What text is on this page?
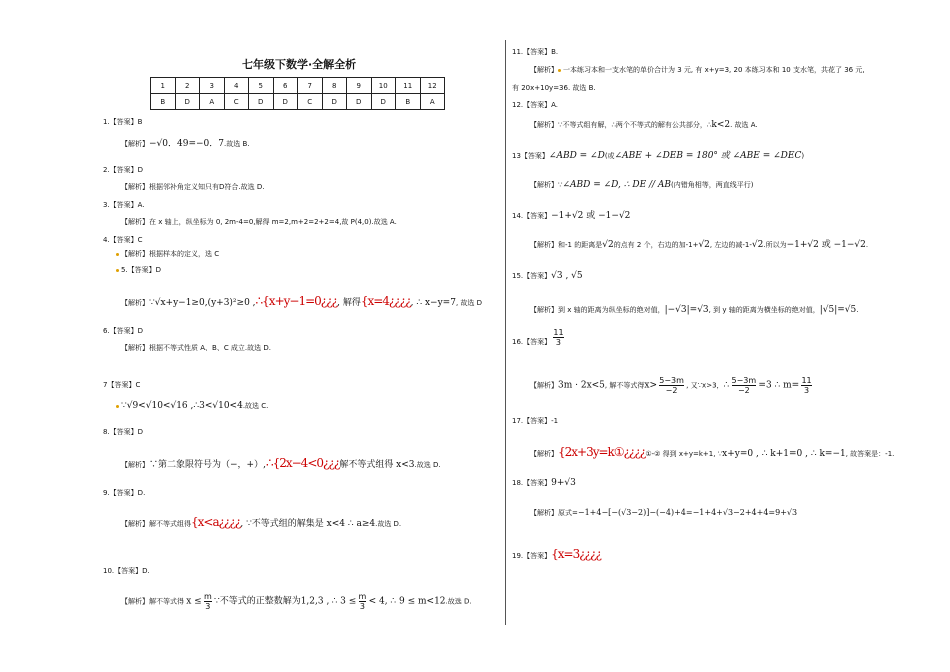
七年级下数学·全解全析
1	2	3	4	5	6	7	8	9	10	11	12
B	D	A	C	D	D	C	D	D	D	B	A
1.【答案】B
【解析】−√0．49=−0．7.故选 B.
2.【答案】D
【解析】根据邻补角定义知只有D符合.故选 D.
3.【答案】A.
【解析】在 x 轴上，纵坐标为 0, 2m-4=0,解得 m=2,m+2=2+2=4,故 P(4,0).故选 A.
4.【答案】C
【解析】根据样本的定义，选 C
5.【答案】D
【解析】∵√x+y−1≥0,(y+3)²≥0 ,∴{x+y−1=0¿¿¿, 解得{x=4¿¿¿¿, ∴ x−y=7, 故选 D
6.【答案】D
【解析】根据不等式性质 A、B、C 成立.故选 D.
7【答案】C
∵√9<√10<√16 ,∴3<√10<4.故选 C.
8.【答案】D
【解析】∵第二象限符号为（−，+）,∴{2x−4<0¿¿¿解不等式组得 x<3.故选 D.
9.【答案】D.
【解析】解不等式组得{x<a¿¿¿¿, ∵不等式组的解集是 x<4 ∴ a≥4.故选 D.
10.【答案】D.
【解析】解不等式得 $x \le \frac{m}{3}$ ∵不等式的正整数解为1,2,3 , ∴ $3 \le \frac{m}{3} < 4$, ∴ 9 ≤ m<12.故选 D.
11.【答案】B.
【解析】 一本练习本和一支水笔的单价合计为 3 元, 有 x+y=3, 20 本练习本和 10 支水笔，共花了 36 元,
有 20x+10y=36. 故选 B.
12.【答案】A.
【解析】∵不等式组有解，∴两个不等式的解有公共部分，∴k<2. 故选 A.
13【答案】∠ABD = ∠D(或∠ABE + ∠DEB = 180° 或 ∠ABE = ∠DEC)
【解析】∵∠ABD = ∠D, ∴ DE // AB(内错角相等，两直线平行)
14.【答案】−1+√2 或 −1−√2
【解析】和-1 的距离是√2的点有 2 个，右边的加-1+√2, 左边的减-1-√2.所以为−1+√2 或 −1−√2.
15.【答案】√3 , √5
【解析】到 x 轴的距离为纵坐标的绝对值，|−√3|=√3, 到 y 轴的距离为横坐标的绝对值，|√5|=√5.
16.【答案】 $\frac{11}{3}$
【解析】3m · 2x<5, 解不等式得$x> \frac{5-3m}{-2}$ , 又∵x>3，∴ $\frac{5-3m}{-2} =3$ ∴ $m= \frac{11}{3}$
17.【答案】-1
【解析】{2x+3y=k①¿¿¿¿①-② 得到 x+y=k+1, ∵x+y=0 , ∴ k+1=0 , ∴ k=−1, 故答案是：-1.
18.【答案】9+√3
【解析】原式=−1+4−[−(√3−2)]−(−4)+4=−1+4+√3−2+4+4=9+√3
19.【答案】{x=3¿¿¿¿
